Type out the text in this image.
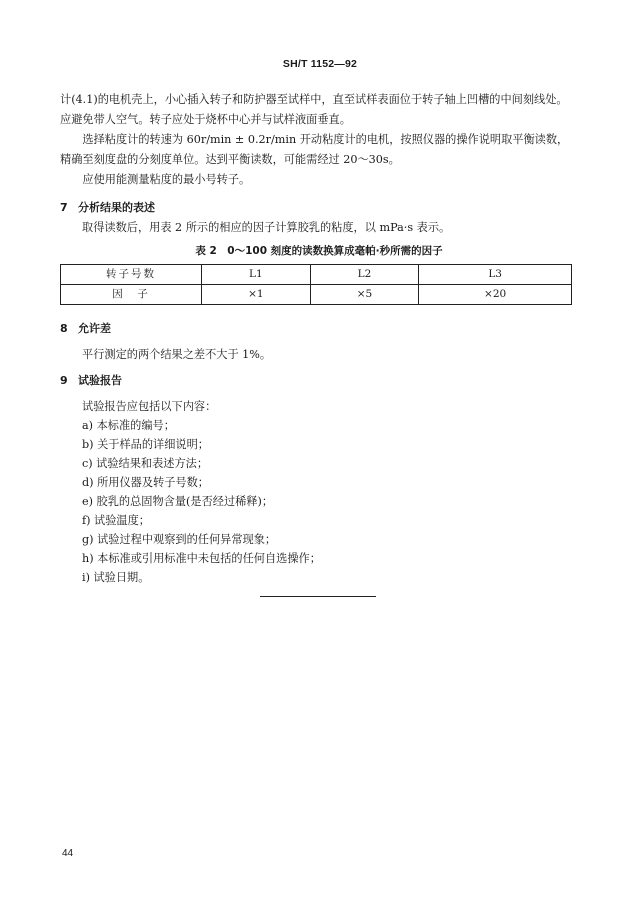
SH/T 1152—92

计(4.1)的电机壳上，小心插入转子和防护器至试样中，直至试样表面位于转子轴上凹槽的中间刻线处。应避免带人空气。转子应处于烧杯中心并与试样液面垂直。

选择粘度计的转速为 60r/min ± 0.2r/min 开动粘度计的电机，按照仪器的操作说明取平衡读数，精确至刻度盘的分刻度单位。达到平衡读数，可能需经过 20～30s。

应使用能测量粘度的最小号转子。

7 分析结果的表述

取得读数后，用表 2 所示的相应的因子计算胶乳的粘度，以 mPa·s 表示。

表 2　0～100 刻度的读数换算成毫帕·秒所需的因子

转子号数	L1	L2	L3
因　子	×1	×5	×20

8 允许差

平行测定的两个结果之差不大于 1%。

9 试验报告

试验报告应包括以下内容：

a) 本标准的编号；

b) 关于样品的详细说明；

c) 试验结果和表述方法；

d) 所用仪器及转子号数；

e) 胶乳的总固物含量(是否经过稀释)；

f) 试验温度；

g) 试验过程中观察到的任何异常现象；

h) 本标准或引用标准中未包括的任何自选操作；

i) 试验日期。

44
